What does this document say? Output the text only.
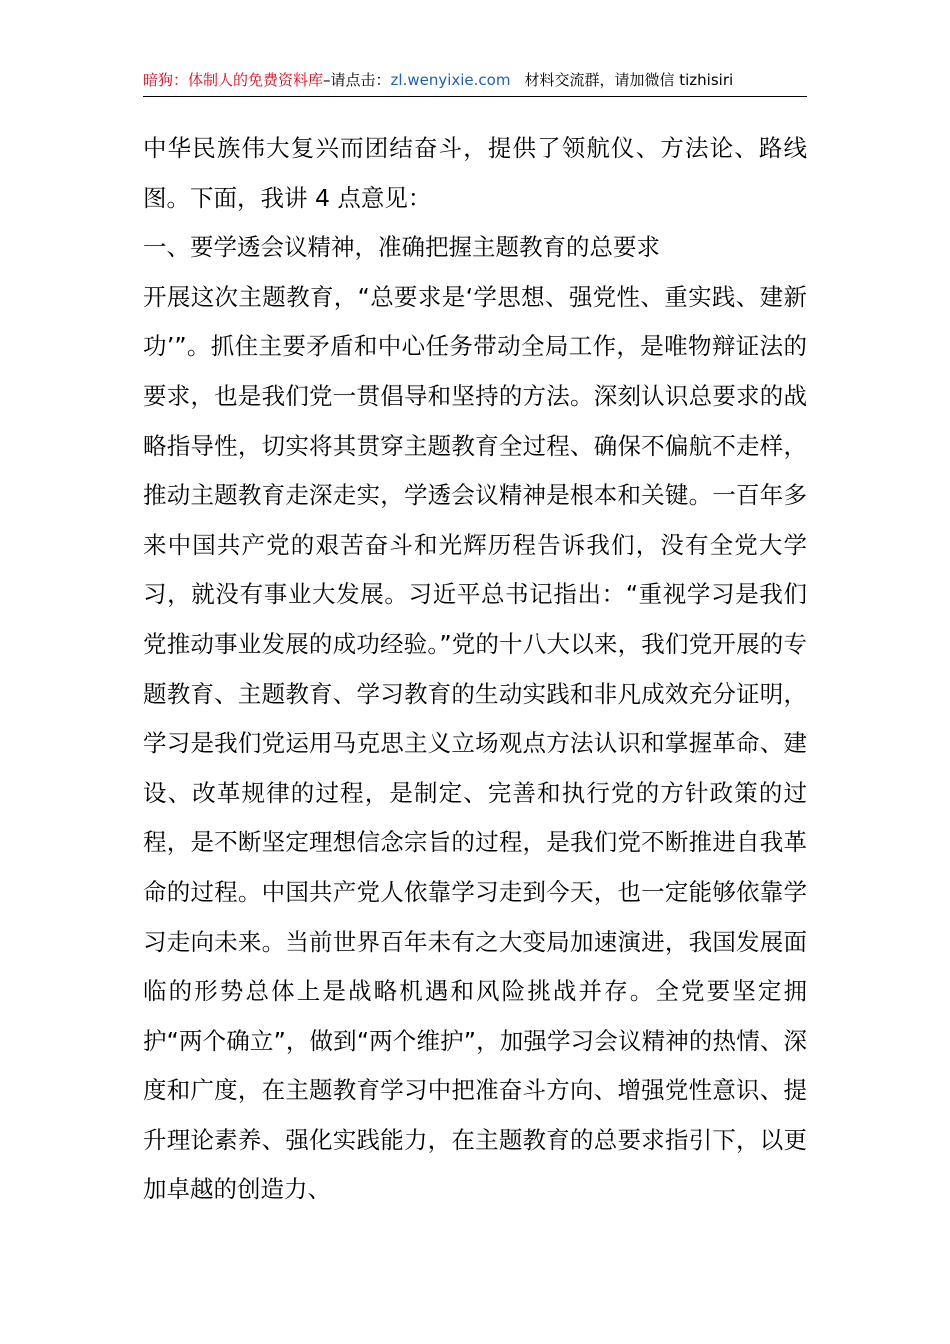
暗狗：体制人的免费资料库–请点击：zl.wenyixie.com 材料交流群，请加微信 tizhisiri

中华民族伟大复兴而团结奋斗，提供了领航仪、方法论、路线图。下面，我讲 4 点意见：

一、要学透会议精神，准确把握主题教育的总要求

开展这次主题教育，“总要求是‘学思想、强党性、重实践、建新功’”。抓住主要矛盾和中心任务带动全局工作，是唯物辩证法的要求，也是我们党一贯倡导和坚持的方法。深刻认识总要求的战略指导性，切实将其贯穿主题教育全过程、确保不偏航不走样，推动主题教育走深走实，学透会议精神是根本和关键。一百年多来中国共产党的艰苦奋斗和光辉历程告诉我们，没有全党大学习，就没有事业大发展。习近平总书记指出：“重视学习是我们党推动事业发展的成功经验。”党的十八大以来，我们党开展的专题教育、主题教育、学习教育的生动实践和非凡成效充分证明，学习是我们党运用马克思主义立场观点方法认识和掌握革命、建设、改革规律的过程，是制定、完善和执行党的方针政策的过程，是不断坚定理想信念宗旨的过程，是我们党不断推进自我革命的过程。中国共产党人依靠学习走到今天，也一定能够依靠学习走向未来。当前世界百年未有之大变局加速演进，我国发展面临的形势总体上是战略机遇和风险挑战并存。全党要坚定拥护“两个确立”，做到“两个维护”，加强学习会议精神的热情、深度和广度，在主题教育学习中把准奋斗方向、增强党性意识、提升理论素养、强化实践能力，在主题教育的总要求指引下，以更加卓越的创造力、
